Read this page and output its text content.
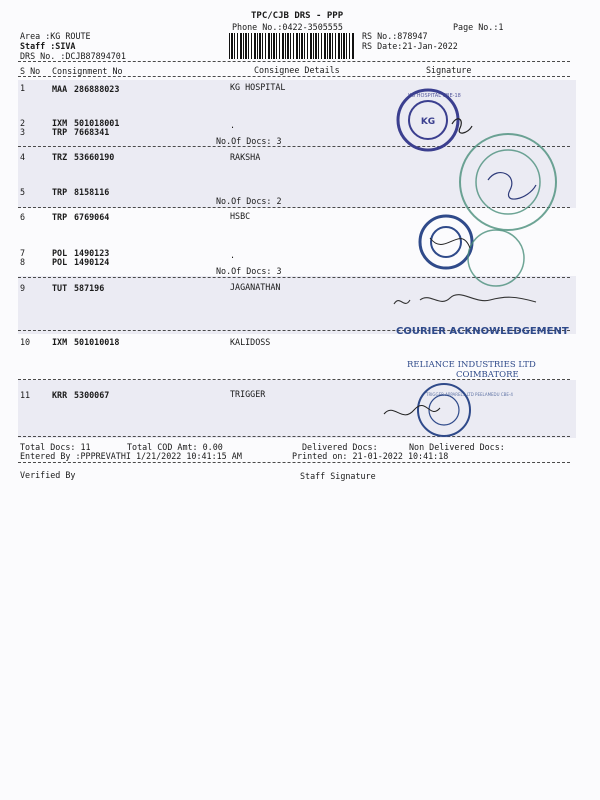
TPC/CJB DRS - PPP
Phone No.:0422-3505555	Page No.:1
Area :KG ROUTE
Staff :SIVA
DRS No. :DCJB87894701
RS No.:878947
RS Date:21-Jan-2022
S No Consignment No	Consignee Details	Signature
1	MAA 286888023	KG HOSPITAL
2	IXM 501018001
3	TRP 7668341
.
No.Of Docs: 3
4	TRZ 53660190	RAKSHA
5	TRP 8158116
No.Of Docs: 2
6	TRP 6769064	HSBC
7	POL 1490123	.
8	POL 1490124
No.Of Docs: 3
9	TUT 587196	JAGANATHAN
10	IXM 501010018	KALIDOSS
11	KRR 5300067	TRIGGER
KG
KG HOSPITAL CBE-18
COURIER ACKNOWLEDGEMENT
RELIANCE INDUSTRIES LTD
COIMBATORE
TRIGGER APPARELS LTD PEELAMEDU CBE-4
Total Docs: 11	Total COD Amt: 0.00	Delivered Docs:	Non Delivered Docs:
Entered By :PPPREVATHI 1/21/2022 10:41:15 AM	Printed on: 21-01-2022 10:41:18
Verified By	Staff Signature
